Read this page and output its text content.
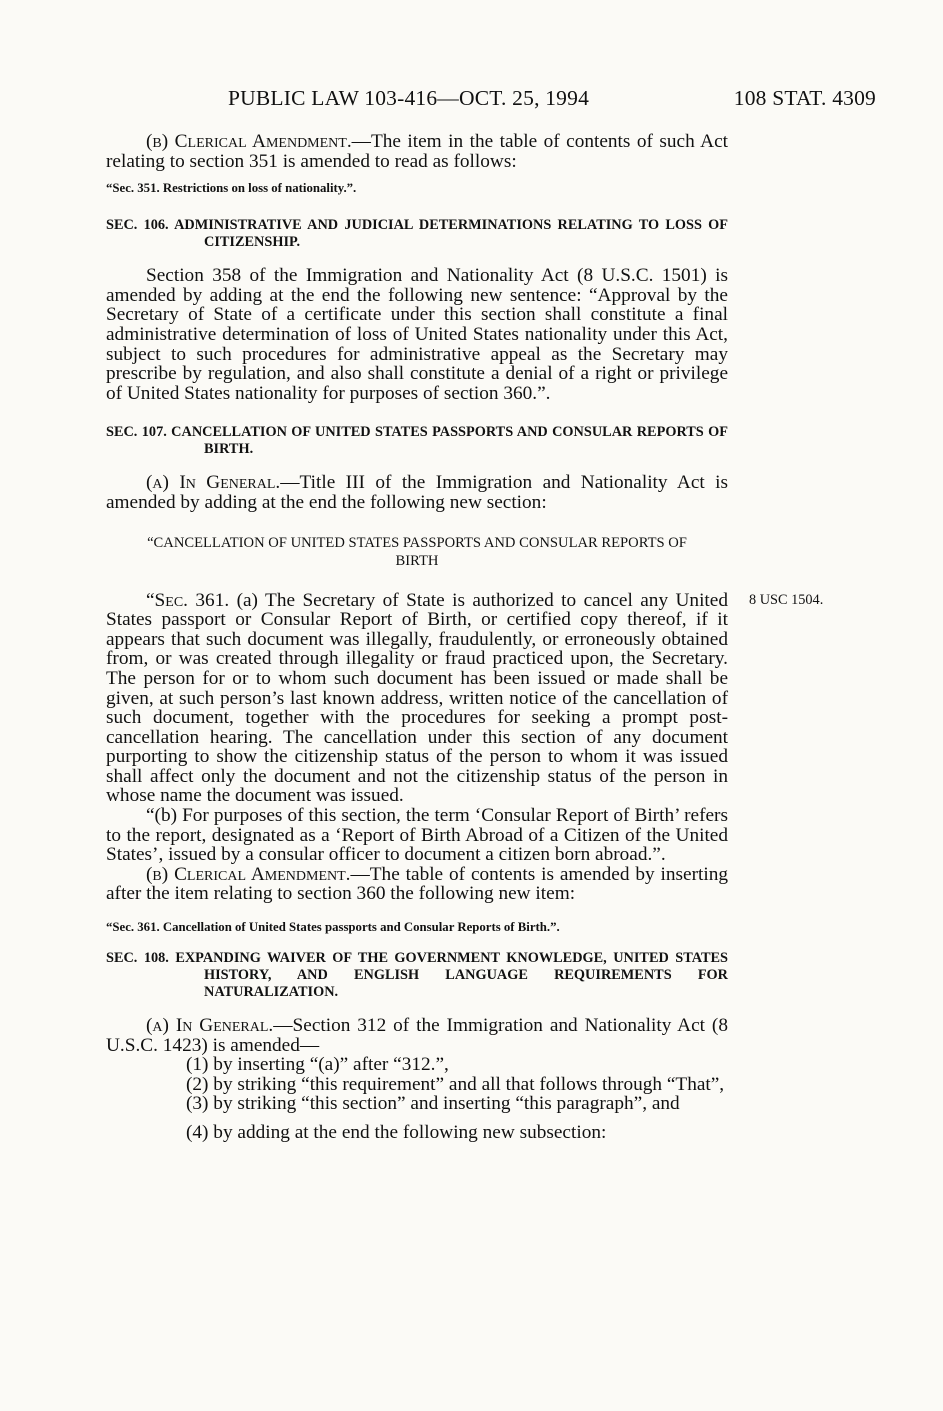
PUBLIC LAW 103-416—OCT. 25, 1994	108 STAT. 4309
8 USC 1504.

(b) Clerical Amendment.—The item in the table of contents of such Act relating to section 351 is amended to read as follows:

“Sec. 351. Restrictions on loss of nationality.”.

SEC. 106. ADMINISTRATIVE AND JUDICIAL DETERMINATIONS RELATING TO LOSS OF CITIZENSHIP.

Section 358 of the Immigration and Nationality Act (8 U.S.C. 1501) is amended by adding at the end the following new sentence: “Approval by the Secretary of State of a certificate under this section shall constitute a final administrative determination of loss of United States nationality under this Act, subject to such procedures for administrative appeal as the Secretary may prescribe by regulation, and also shall constitute a denial of a right or privilege of United States nationality for purposes of section 360.”.

SEC. 107. CANCELLATION OF UNITED STATES PASSPORTS AND CONSULAR REPORTS OF BIRTH.

(a) In General.—Title III of the Immigration and Nationality Act is amended by adding at the end the following new section:

“CANCELLATION OF UNITED STATES PASSPORTS AND CONSULAR REPORTS OF BIRTH

“Sec. 361. (a) The Secretary of State is authorized to cancel any United States passport or Consular Report of Birth, or certified copy thereof, if it appears that such document was illegally, fraudulently, or erroneously obtained from, or was created through illegality or fraud practiced upon, the Secretary. The person for or to whom such document has been issued or made shall be given, at such person’s last known address, written notice of the cancellation of such document, together with the procedures for seeking a prompt post-cancellation hearing. The cancellation under this section of any document purporting to show the citizenship status of the person to whom it was issued shall affect only the document and not the citizenship status of the person in whose name the document was issued.

“(b) For purposes of this section, the term ‘Consular Report of Birth’ refers to the report, designated as a ‘Report of Birth Abroad of a Citizen of the United States’, issued by a consular officer to document a citizen born abroad.”.

(b) Clerical Amendment.—The table of contents is amended by inserting after the item relating to section 360 the following new item:

“Sec. 361. Cancellation of United States passports and Consular Reports of Birth.”.

SEC. 108. EXPANDING WAIVER OF THE GOVERNMENT KNOWLEDGE, UNITED STATES HISTORY, AND ENGLISH LANGUAGE REQUIREMENTS FOR NATURALIZATION.

(a) In General.—Section 312 of the Immigration and Nationality Act (8 U.S.C. 1423) is amended—

(1) by inserting “(a)” after “312.”,

(2) by striking “this requirement” and all that follows through “That”,

(3) by striking “this section” and inserting “this paragraph”, and

(4) by adding at the end the following new subsection:
